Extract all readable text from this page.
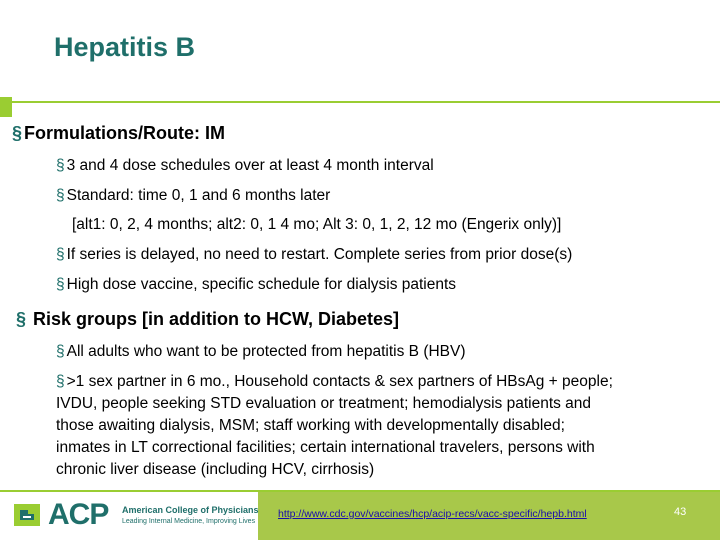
Hepatitis B
§ Formulations/Route: IM
§ 3 and 4 dose schedules over at least 4 month interval
§ Standard: time 0, 1 and 6 months later
[alt1: 0, 2, 4 months; alt2: 0, 1 4 mo; Alt 3: 0, 1, 2, 12 mo (Engerix only)]
§ If series is delayed, no need to restart. Complete series from prior dose(s)
§ High dose vaccine, specific schedule for dialysis patients
§ Risk groups [in addition to HCW, Diabetes]
§ All adults who want to be protected from hepatitis B (HBV)
§ >1 sex partner in 6 mo., Household contacts & sex partners of HBsAg + people;
IVDU, people seeking STD evaluation or treatment; hemodialysis patients and
those awaiting dialysis, MSM; staff working with developmentally disabled;
inmates in LT correctional facilities; certain international travelers, persons with
chronic liver disease (including HCV, cirrhosis)
ACP American College of Physicians
Leading Internal Medicine, Improving Lives
http://www.cdc.gov/vaccines/hcp/acip-recs/vacc-specific/hepb.html	43
